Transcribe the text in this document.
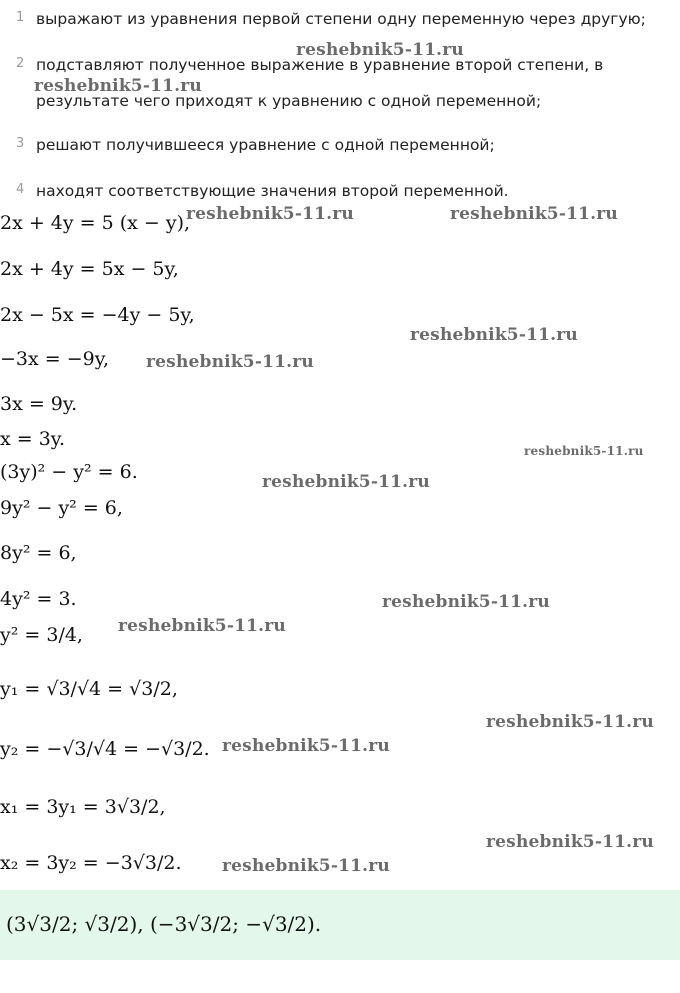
1 выражают из уравнения первой степени одну переменную через другую;
2 подставляют полученное выражение в уравнение второй степени, в
результате чего приходят к уравнению с одной переменной;
3 решают получившееся уравнение с одной переменной;
4 находят соответствующие значения второй переменной.
2x + 4y = 5 (x − y),
2x + 4y = 5x − 5y,
2x − 5x = −4y − 5y,
−3x = −9y,
3x = 9y.
x = 3y.
(3y)² − y² = 6.
9y² − y² = 6,
8y² = 6,
4y² = 3.
y² = 3/4,
y₁ = √3/√4 = √3/2,
y₂ = −√3/√4 = −√3/2.
x₁ = 3y₁ = 3√3/2,
x₂ = 3y₂ = −3√3/2.
(3√3/2; √3/2), (−3√3/2; −√3/2).
reshebnik5-11.ru
reshebnik5-11.ru
reshebnik5-11.ru	reshebnik5-11.ru
reshebnik5-11.ru
reshebnik5-11.ru
reshebnik5-11.ru
reshebnik5-11.ru
reshebnik5-11.ru
reshebnik5-11.ru
reshebnik5-11.ru
reshebnik5-11.ru
reshebnik5-11.ru
reshebnik5-11.ru
